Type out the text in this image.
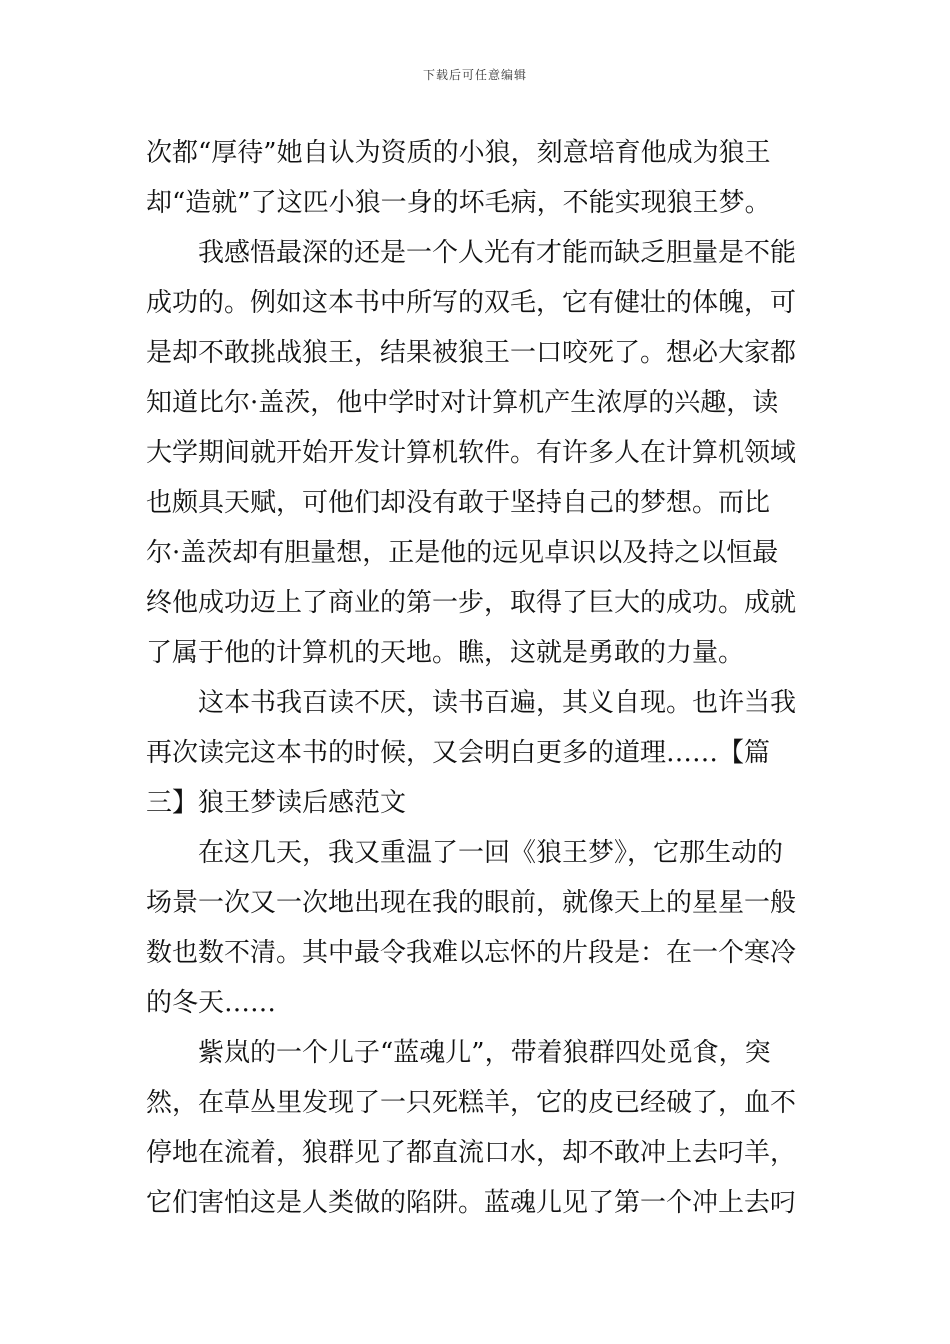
下载后可任意编辑
次都“厚待”她自认为资质的小狼，刻意培育他成为狼王
却“造就”了这匹小狼一身的坏毛病，不能实现狼王梦。
　　我感悟最深的还是一个人光有才能而缺乏胆量是不能
成功的。例如这本书中所写的双毛，它有健壮的体魄，可
是却不敢挑战狼王，结果被狼王一口咬死了。想必大家都
知道比尔·盖茨，他中学时对计算机产生浓厚的兴趣，读
大学期间就开始开发计算机软件。有许多人在计算机领域
也颇具天赋，可他们却没有敢于坚持自己的梦想。而比
尔·盖茨却有胆量想，正是他的远见卓识以及持之以恒最
终他成功迈上了商业的第一步，取得了巨大的成功。成就
了属于他的计算机的天地。瞧，这就是勇敢的力量。
　　这本书我百读不厌，读书百遍，其义自现。也许当我
再次读完这本书的时候，又会明白更多的道理……【篇
三】狼王梦读后感范文
　　在这几天，我又重温了一回《狼王梦》，它那生动的
场景一次又一次地出现在我的眼前，就像天上的星星一般
数也数不清。其中最令我难以忘怀的片段是：在一个寒冷
的冬天……
　　紫岚的一个儿子“蓝魂儿”，带着狼群四处觅食，突
然，在草丛里发现了一只死糕羊，它的皮已经破了，血不
停地在流着，狼群见了都直流口水，却不敢冲上去叼羊，
它们害怕这是人类做的陷阱。蓝魂儿见了第一个冲上去叼
